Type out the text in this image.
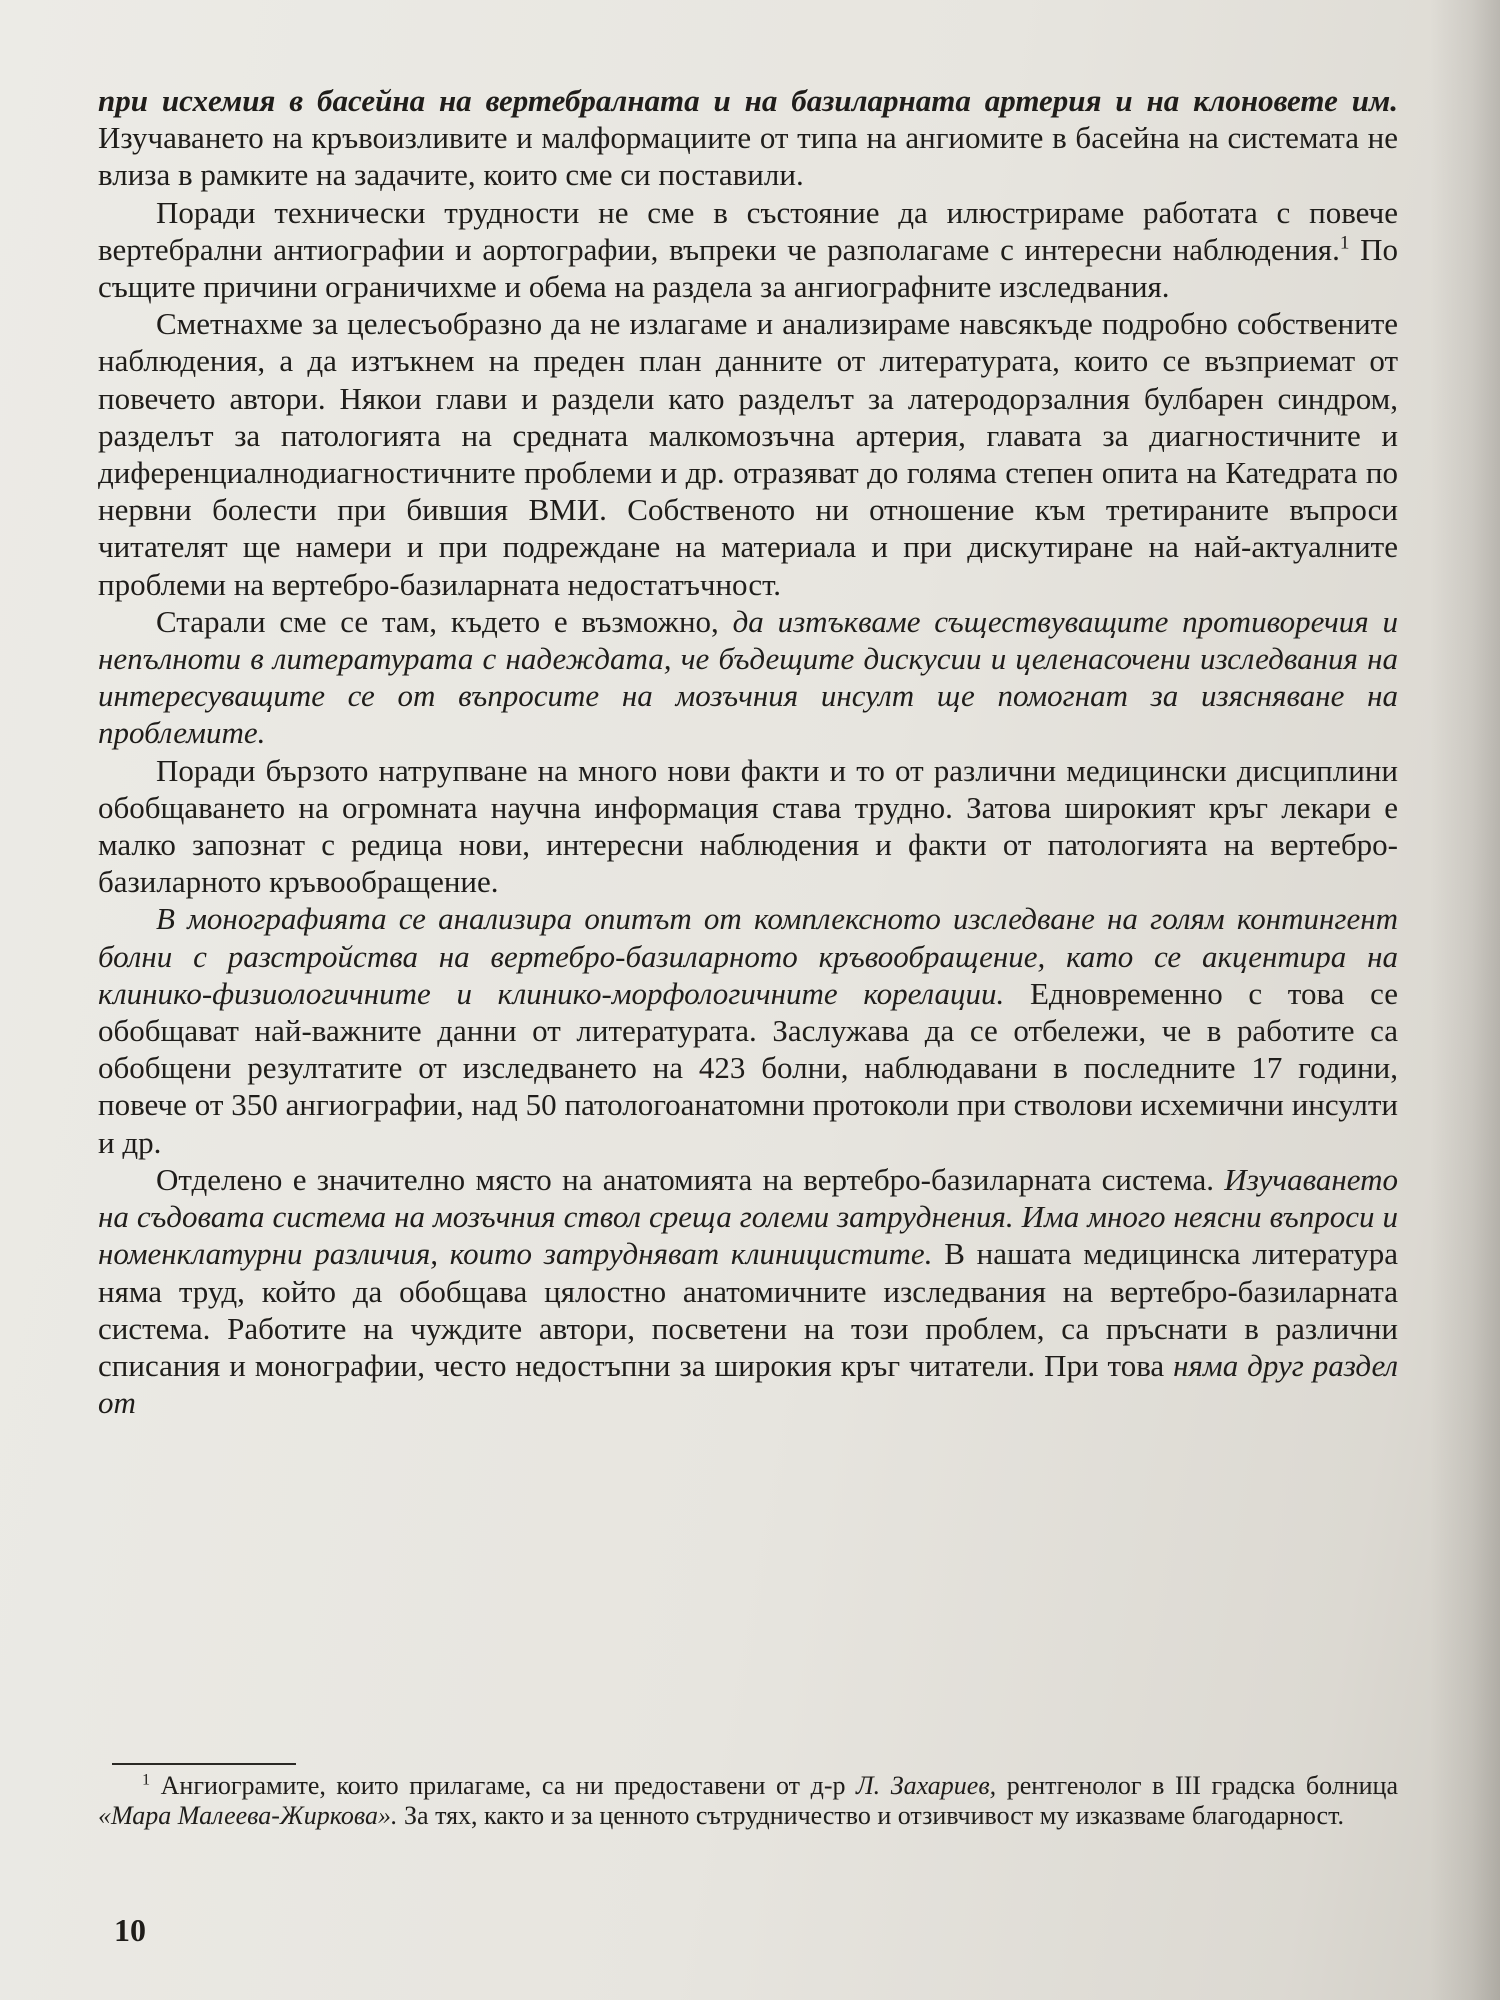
при исхемия в басейна на вертебралната и на базиларната артерия и на клоновете им. Изучаването на кръвоизливите и малформациите от типа на ангиомите в басейна на системата не влиза в рамките на задачите, които сме си поставили.

Поради технически трудности не сме в състояние да илюстрираме работата с повече вертебрални антиографии и аортографии, въпреки че разполагаме с интересни наблюдения.$^1$ По същите причини ограничихме и обема на раздела за ангиографните изследвания.

Сметнахме за целесъобразно да не излагаме и анализираме навсякъде подробно собствените наблюдения, а да изтъкнем на преден план данните от литературата, които се възприемат от повечето автори. Някои глави и раздели като разделът за латеродорзалния булбарен синдром, разделът за патологията на средната малкомозъчна артерия, главата за диагностичните и диференциалнодиагностичните проблеми и др. отразяват до голяма степен опита на Катедрата по нервни болести при бившия ВМИ. Собственото ни отношение към третираните въпроси читателят ще намери и при подреждане на материала и при дискутиране на най-актуалните проблеми на вертебро-базиларната недостатъчност.

Старали сме се там, където е възможно, да изтъкваме съществуващите противоречия и непълноти в литературата с надеждата, че бъдещите дискусии и целенасочени изследвания на интересуващите се от въпросите на мозъчния инсулт ще помогнат за изясняване на проблемите.

Поради бързото натрупване на много нови факти и то от различни медицински дисциплини обобщаването на огромната научна информация става трудно. Затова широкият кръг лекари е малко запознат с редица нови, интересни наблюдения и факти от патологията на вертебро-базиларното кръвообращение.

В монографията се анализира опитът от комплексното изследване на голям контингент болни с разстройства на вертебро-базиларното кръвообращение, като се акцентира на клинико-физиологичните и клинико-морфологичните корелации. Едновременно с това се обобщават най-важните данни от литературата. Заслужава да се отбележи, че в работите са обобщени резултатите от изследването на 423 болни, наблюдавани в последните 17 години, повече от 350 ангиографии, над 50 патологоанатомни протоколи при стволови исхемични инсулти и др.

Отделено е значително място на анатомията на вертебро-базиларната система. Изучаването на съдовата система на мозъчния ствол среща големи затруднения. Има много неясни въпроси и номенклатурни различия, които затрудняват клиницистите. В нашата медицинска литература няма труд, който да обобщава цялостно анатомичните изследвания на вертебро-базиларната система. Работите на чуждите автори, посветени на този проблем, са пръснати в различни списания и монографии, често недостъпни за широкия кръг читатели. При това няма друг раздел от

$^1$ Ангиограмите, които прилагаме, са ни предоставени от д-р Л. Захариев, рентгенолог в III градска болница «Мара Малеева-Жиркова». За тях, както и за ценното сътрудничество и отзивчивост му изказваме благодарност.

10
